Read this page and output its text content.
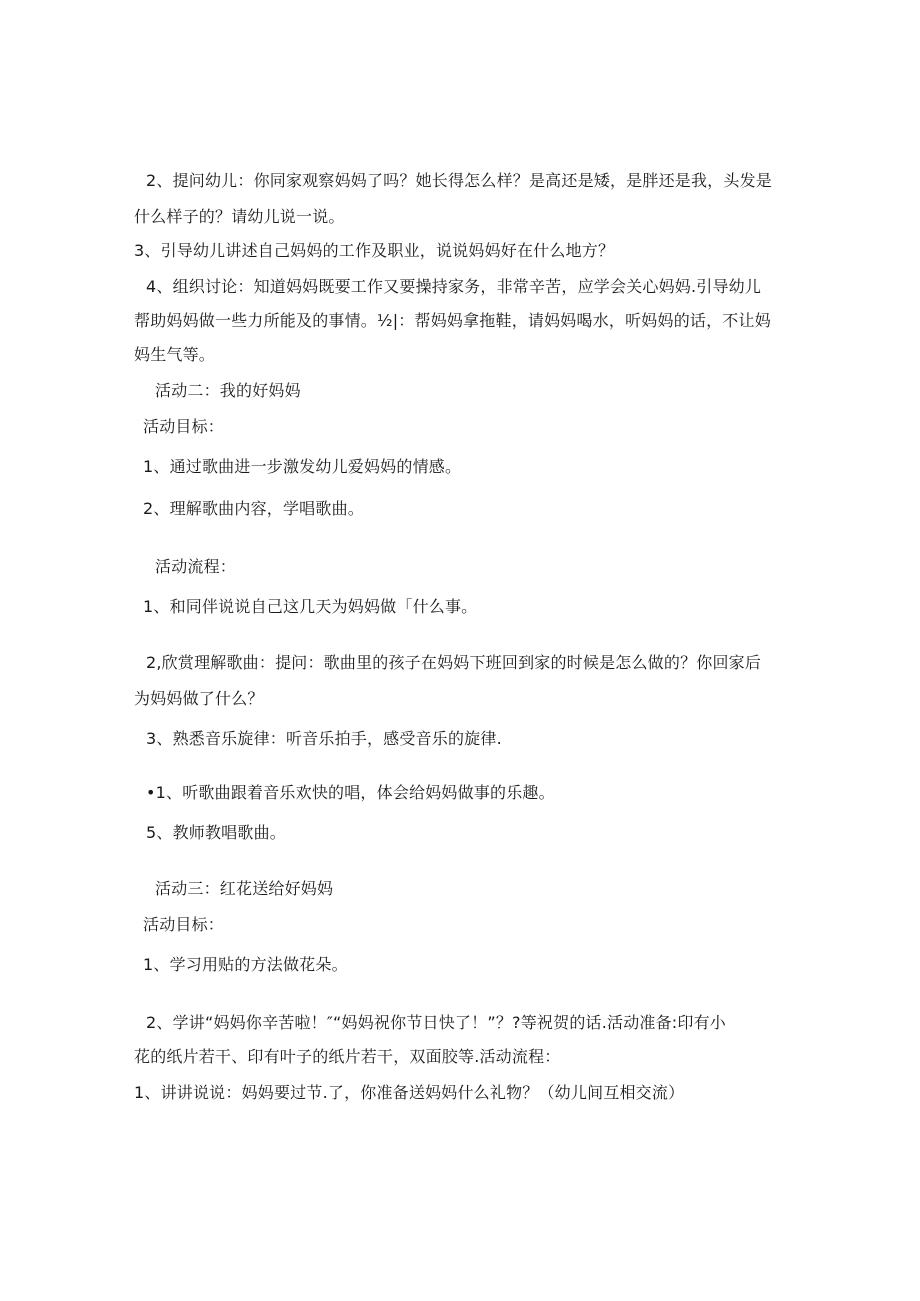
2、提问幼儿：你同家观察妈妈了吗？她长得怎么样？是高还是矮，是胖还是我，头发是
什么样子的？请幼儿说一说。
3、引导幼儿讲述自己妈妈的工作及职业，说说妈妈好在什么地方？
4、组织讨论：知道妈妈既要工作又要操持家务，非常辛苦，应学会关心妈妈.引导幼儿
帮助妈妈做一些力所能及的事情。½|：帮妈妈拿拖鞋，请妈妈喝水，听妈妈的话，不让妈
妈生气等。
活动二：我的好妈妈
活动目标：
1、通过歌曲进一步激发幼儿爱妈妈的情感。
2、理解歌曲内容，学唱歌曲。
活动流程：
1、和同伴说说自己这几天为妈妈做「什么事。
2,欣赏理解歌曲：提问：歌曲里的孩子在妈妈下班回到家的时候是怎么做的？你回家后
为妈妈做了什么？
3、熟悉音乐旋律：听音乐拍手，感受音乐的旋律.
•1、听歌曲跟着音乐欢快的唱，体会给妈妈做事的乐趣。
5、教师教唱歌曲。
活动三：红花送给好妈妈
活动目标：
1、学习用贴的方法做花朵。
2、学讲“妈妈你辛苦啦！″“妈妈祝你节日快了！”？?等祝贺的话.活动准备:印有小
花的纸片若干、印有叶子的纸片若干，双面胶等.活动流程：
1、讲讲说说：妈妈要过节.了，你准备送妈妈什么礼物？（幼儿间互相交流）
